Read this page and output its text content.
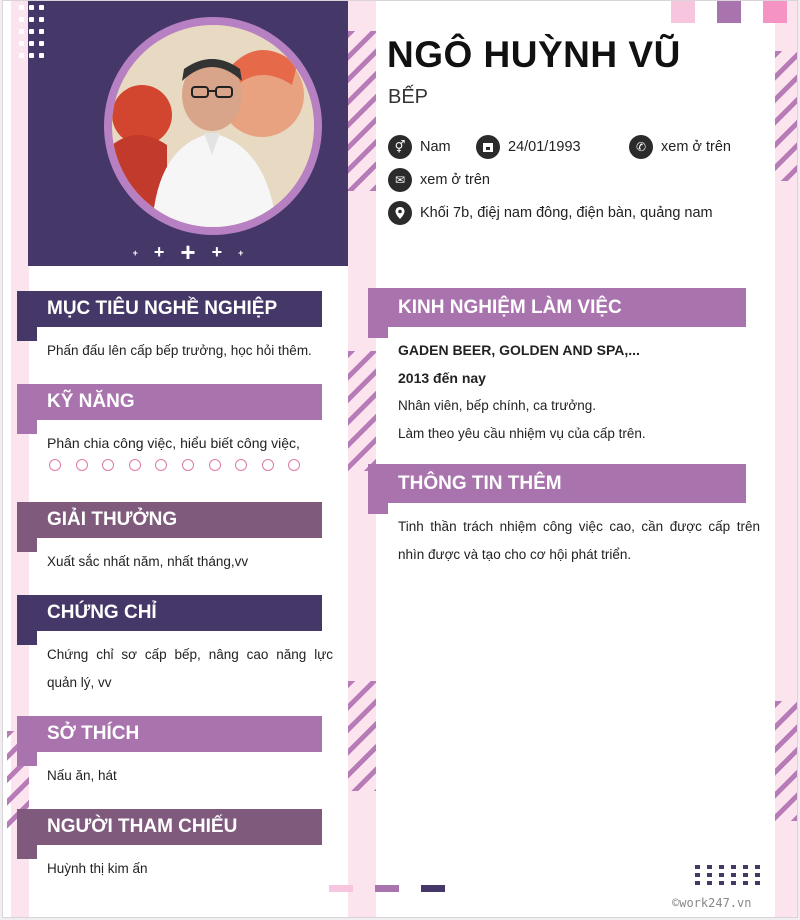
+ + + + +
NGÔ HUỲNH VŨ
BẾP
⚥	Nam	24/01/1993	✆	xem ở trên
✉	xem ở trên
Khối 7b, điệj nam đông, điện bàn, quảng nam
MỤC TIÊU NGHỀ NGHIỆP
Phấn đấu lên cấp bếp trưởng, học hỏi thêm.
KỸ NĂNG
Phân chia công việc, hiểu biết công việc,
GIẢI THƯỞNG
Xuất sắc nhất năm, nhất tháng,vv
CHỨNG CHỈ
Chứng chỉ sơ cấp bếp, nâng cao năng lực quản lý, vv
SỞ THÍCH
Nấu ăn, hát
NGƯỜI THAM CHIẾU
Huỳnh thị kim ấn
KINH NGHIỆM LÀM VIỆC
GADEN BEER, GOLDEN AND SPA,...
2013 đến nay
Nhân viên, bếp chính, ca trưởng.
Làm theo yêu cầu nhiệm vụ của cấp trên.
THÔNG TIN THÊM
Tinh thần trách nhiệm công việc cao, cần được cấp trên nhìn được và tạo cho cơ hội phát triển.
©work247.vn
